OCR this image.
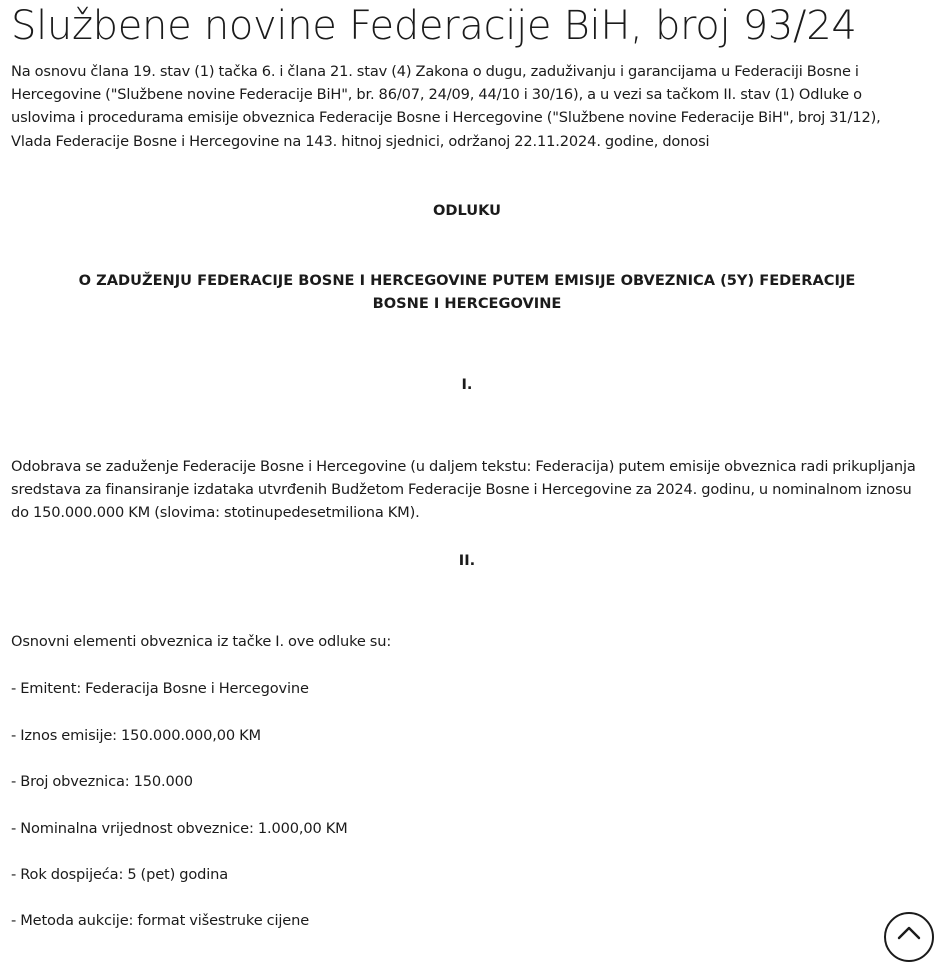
Službene novine Federacije BiH, broj 93/24

Na osnovu člana 19. stav (1) tačka 6. i člana 21. stav (4) Zakona o dugu, zaduživanju i garancijama u Federaciji Bosne i Hercegovine ("Službene novine Federacije BiH", br. 86/07, 24/09, 44/10 i 30/16), a u vezi sa tačkom II. stav (1) Odluke o uslovima i procedurama emisije obveznica Federacije Bosne i Hercegovine ("Službene novine Federacije BiH", broj 31/12), Vlada Federacije Bosne i Hercegovine na 143. hitnoj sjednici, održanoj 22.11.2024. godine, donosi

ODLUKU
O ZADUŽENJU FEDERACIJE BOSNE I HERCEGOVINE PUTEM EMISIJE OBVEZNICA (5Y) FEDERACIJE BOSNE I HERCEGOVINE
I.

Odobrava se zaduženje Federacije Bosne i Hercegovine (u daljem tekstu: Federacija) putem emisije obveznica radi prikupljanja sredstava za finansiranje izdataka utvrđenih Budžetom Federacije Bosne i Hercegovine za 2024. godinu, u nominalnom iznosu do 150.000.000 KM (slovima: stotinupedesetmiliona KM).

II.

Osnovni elementi obveznica iz tačke I. ove odluke su:

- Emitent: Federacija Bosne i Hercegovine

- Iznos emisije: 150.000.000,00 KM

- Broj obveznica: 150.000

- Nominalna vrijednost obveznice: 1.000,00 KM

- Rok dospijeća: 5 (pet) godina

- Metoda aukcije: format višestruke cijene
